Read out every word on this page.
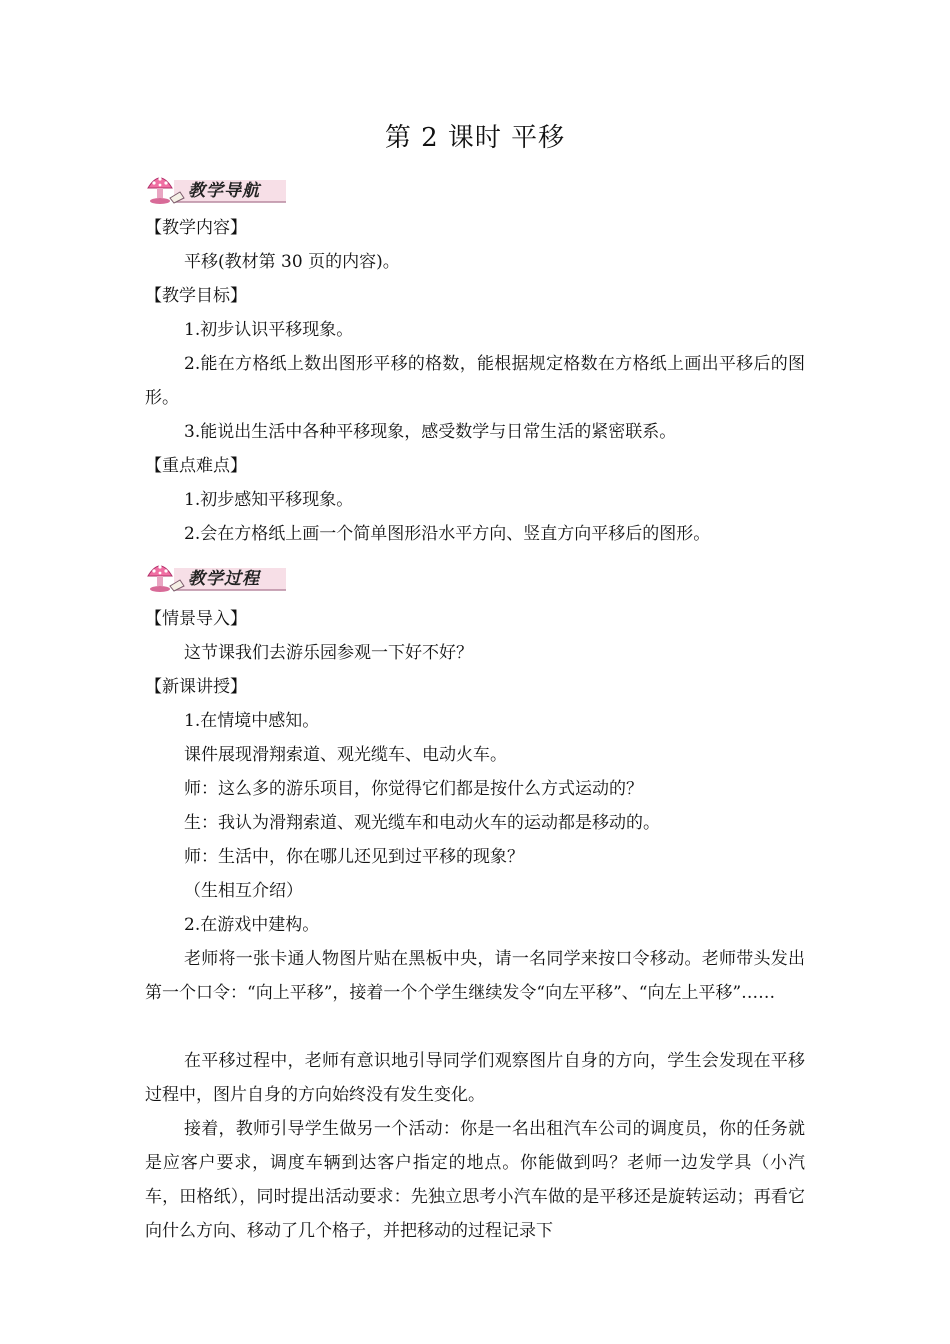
第 2 课时 平移
教学导航
【教学内容】
平移(教材第 30 页的内容)。
【教学目标】
1.初步认识平移现象。
2.能在方格纸上数出图形平移的格数，能根据规定格数在方格纸上画出平移后的图形。
3.能说出生活中各种平移现象，感受数学与日常生活的紧密联系。
【重点难点】
1.初步感知平移现象。
2.会在方格纸上画一个简单图形沿水平方向、竖直方向平移后的图形。
教学过程
【情景导入】
这节课我们去游乐园参观一下好不好？
【新课讲授】
1.在情境中感知。
课件展现滑翔索道、观光缆车、电动火车。
师：这么多的游乐项目，你觉得它们都是按什么方式运动的？
生：我认为滑翔索道、观光缆车和电动火车的运动都是移动的。
师：生活中，你在哪儿还见到过平移的现象？
（生相互介绍）
2.在游戏中建构。
老师将一张卡通人物图片贴在黑板中央，请一名同学来按口令移动。老师带头发出第一个口令：“向上平移”，接着一个个学生继续发令“向左平移”、“向左上平移”……
在平移过程中，老师有意识地引导同学们观察图片自身的方向，学生会发现在平移过程中，图片自身的方向始终没有发生变化。
接着，教师引导学生做另一个活动：你是一名出租汽车公司的调度员，你的任务就是应客户要求，调度车辆到达客户指定的地点。你能做到吗？老师一边发学具（小汽车，田格纸），同时提出活动要求：先独立思考小汽车做的是平移还是旋转运动；再看它向什么方向、移动了几个格子，并把移动的过程记录下
